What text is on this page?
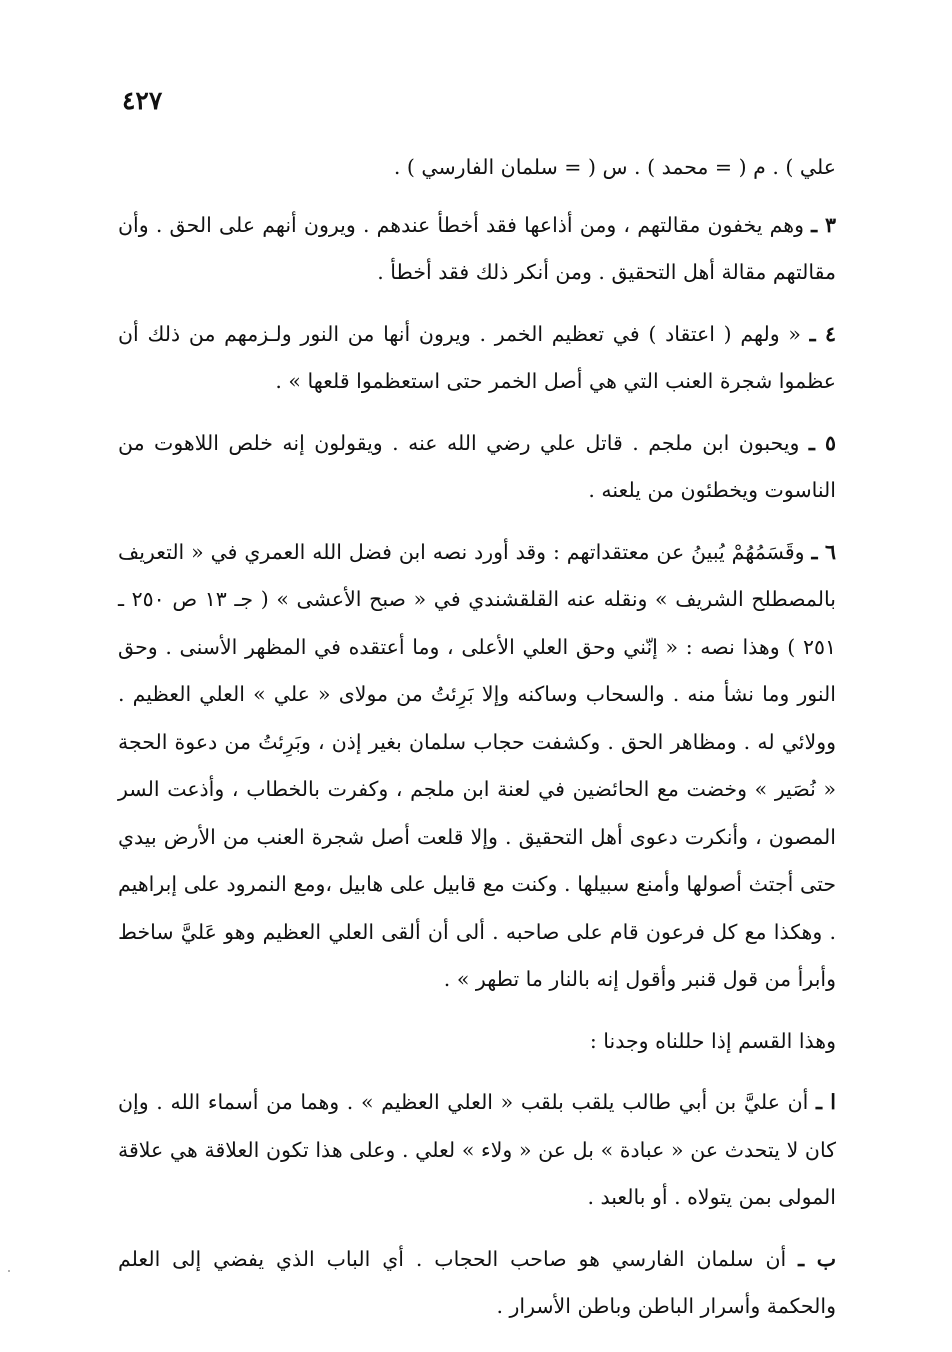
٤٢٧

علي ) . م ( = محمد ) . س ( = سلمان الفارسي ) .

٣ ـ وهم يخفون مقالتهم ، ومن أذاعها فقد أخطأ عندهم . ويرون أنهم على الحق . وأن مقالتهم مقالة أهل التحقيق . ومن أنكر ذلك فقد أخطأ .

٤ ـ « ولهم ( اعتقاد ) في تعظيم الخمر . ويرون أنها من النور ولـزمهم من ذلك أن عظموا شجرة العنب التي هي أصل الخمر حتى استعظموا قلعها » .

٥ ـ ويحبون ابن ملجم . قاتل علي رضي الله عنه . ويقولون إنه خلص اللاهوت من الناسوت ويخطئون من يلعنه .

٦ ـ وقَسَمُهُمْ يُبينُ عن معتقداتهم : وقد أورد نصه ابن فضل الله العمري في « التعريف بالمصطلح الشريف » ونقله عنه القلقشندي في « صبح الأعشى » ( جـ ١٣ ص ٢٥٠ ـ ٢٥١ ) وهذا نصه : « إنّني وحق العلي الأعلى ، وما أعتقده في المظهر الأسنى . وحق النور وما نشأ منه . والسحاب وساكنه وإلا بَرِئتُ من مولاى « علي » العلي العظيم . وولائي له . ومظاهر الحق . وكشفت حجاب سلمان بغير إذن ، وبَرِئتُ من دعوة الحجة « نُصَير » وخضت مع الحائضين في لعنة ابن ملجم ، وكفرت بالخطاب ، وأذعت السر المصون ، وأنكرت دعوى أهل التحقيق . وإلا قلعت أصل شجرة العنب من الأرض بيدي حتى أجتث أصولها وأمنع سبيلها . وكنت مع قابيل على هابيل ،ومع النمرود على إبراهيم . وهكذا مع كل فرعون قام على صاحبه . ألى أن ألقى العلي العظيم وهو عَليَّ ساخط وأبرأ من قول قنبر وأقول إنه بالنار ما تطهر » .

وهذا القسم إذا حللناه وجدنا :

ا ـ أن عليَّ بن أبي طالب يلقب بلقب « العلي العظيم » . وهما من أسماء الله . وإن كان لا يتحدث عن « عبادة » بل عن « ولاء » لعلي . وعلى هذا تكون العلاقة هي علاقة المولى بمن يتولاه . أو بالعبد .

ب ـ أن سلمان الفارسي هو صاحب الحجاب . أي الباب الذي يفضي إلى العلم والحكمة وأسرار الباطن وباطن الأسرار .
